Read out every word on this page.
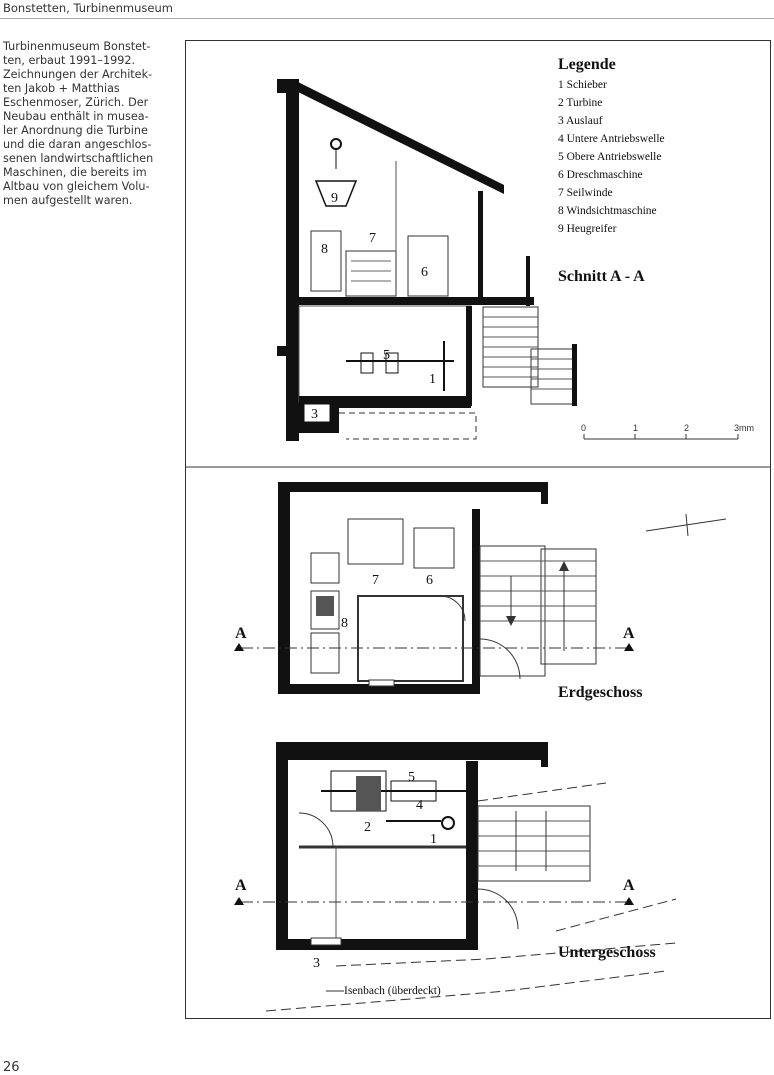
Bonstetten, Turbinenmuseum
Turbinenmuseum Bonstet-
ten, erbaut 1991–1992.
Zeichnungen der Architek-
ten Jakob + Matthias
Eschenmoser, Zürich. Der
Neubau enthält in musea-
ler Anordnung die Turbine
und die daran angeschlos-
senen landwirtschaftlichen
Maschinen, die bereits im
Altbau von gleichem Volu-
men aufgestellt waren.
26
9
8
7
6
5
1
3
Legende
1 Schieber
2 Turbine
3 Auslauf
4 Untere Antriebswelle
5 Obere Antriebswelle
6 Dreschmaschine
7 Seilwinde
8 Windsichtmaschine
9 Heugreifer
Schnitt A - A
0	1	2	3mm
A	A
7	6
8
Erdgeschoss
A	A
5
4
2
1
3
Isenbach (überdeckt)
Untergeschoss
